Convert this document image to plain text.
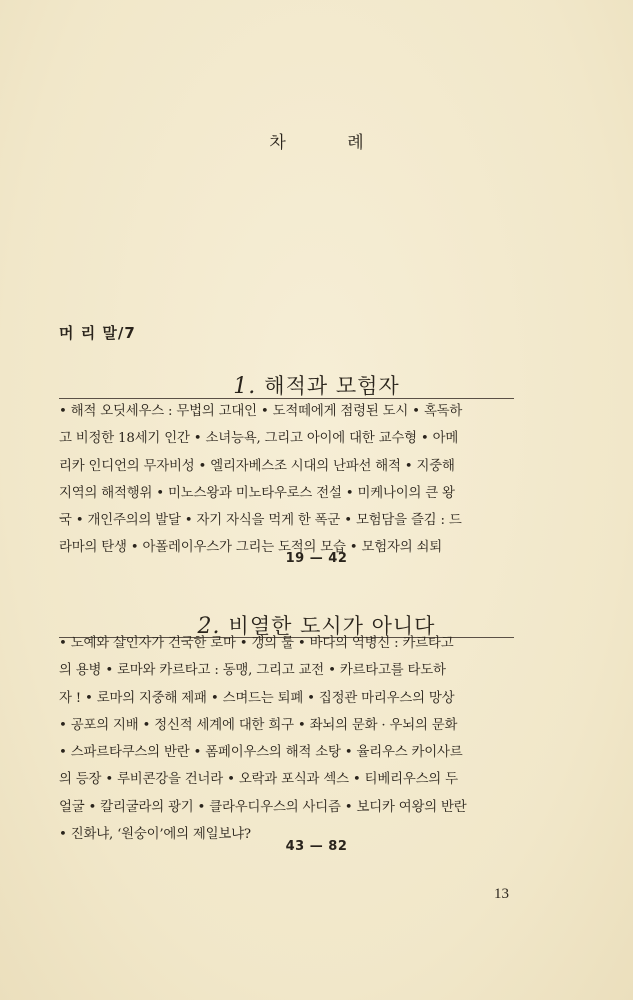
차 례
머 리 말/7
1. 해적과 모험자
• 해적 오딧세우스 : 무법의 고대인 • 도적떼에게 점령된 도시 • 혹독하
고 비정한 18세기 인간 • 소녀능욕, 그리고 아이에 대한 교수형 • 아메
리카 인디언의 무자비성 • 엘리자베스조 시대의 난파선 해적 • 지중해
지역의 해적행위 • 미노스왕과 미노타우로스 전설 • 미케나이의 큰 왕
국 • 개인주의의 발달 • 자기 자식을 먹게 한 폭군 • 모험담을 즐김 : 드
라마의 탄생 • 아폴레이우스가 그리는 도적의 모습 • 모험자의 쇠퇴
19 — 42
2. 비열한 도시가 아니다
• 노예와 살인자가 건국한 로마 • 갱의 룰 • 바다의 역병신 : 카르타고
의 용병 • 로마와 카르타고 : 동맹, 그리고 교전 • 카르타고를 타도하
자 ! • 로마의 지중해 제패 • 스며드는 퇴폐 • 집정관 마리우스의 망상
• 공포의 지배 • 정신적 세계에 대한 희구 • 좌뇌의 문화 · 우뇌의 문화
• 스파르타쿠스의 반란 • 폼페이우스의 해적 소탕 • 율리우스 카이사르
의 등장 • 루비콘강을 건너라 • 오락과 포식과 섹스 • 티베리우스의 두
얼굴 • 칼리굴라의 광기 • 클라우디우스의 사디즘 • 보디카 여왕의 반란
• 진화냐, ‘원숭이’에의 제일보냐?
43 — 82
13
